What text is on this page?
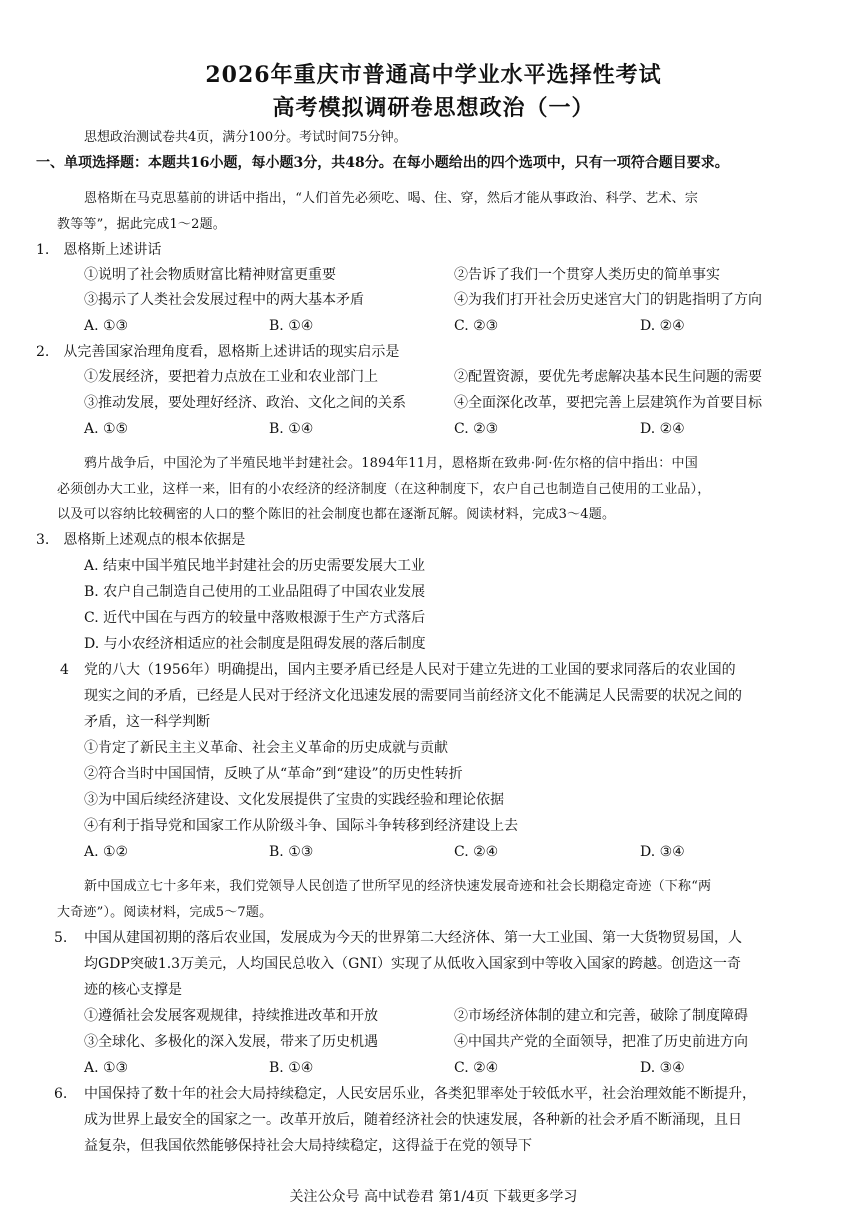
2026年重庆市普通高中学业水平选择性考试
高考模拟调研卷思想政治（一）
思想政治测试卷共4页，满分100分。考试时间75分钟。
一、单项选择题：本题共16小题，每小题3分，共48分。在每小题给出的四个选项中，只有一项符合题目要求。
恩格斯在马克思墓前的讲话中指出，“人们首先必须吃、喝、住、穿，然后才能从事政治、科学、艺术、宗
教等等”，据此完成1～2题。
1.　恩格斯上述讲话
①说明了社会物质财富比精神财富更重要	②告诉了我们一个贯穿人类历史的简单事实
③揭示了人类社会发展过程中的两大基本矛盾	④为我们打开社会历史迷宫大门的钥匙指明了方向
A. ①③	B. ①④	C. ②③	D. ②④
2.　从完善国家治理角度看，恩格斯上述讲话的现实启示是
①发展经济，要把着力点放在工业和农业部门上	②配置资源，要优先考虑解决基本民生问题的需要
③推动发展，要处理好经济、政治、文化之间的关系	④全面深化改革，要把完善上层建筑作为首要目标
A. ①⑤	B. ①④	C. ②③	D. ②④
鸦片战争后，中国沦为了半殖民地半封建社会。1894年11月，恩格斯在致弗·阿·佐尔格的信中指出：中国
必须创办大工业，这样一来，旧有的小农经济的经济制度（在这种制度下，农户自己也制造自己使用的工业品），
以及可以容纳比较稠密的人口的整个陈旧的社会制度也都在逐渐瓦解。阅读材料，完成3～4题。
3.　恩格斯上述观点的根本依据是
A. 结束中国半殖民地半封建社会的历史需要发展大工业
B. 农户自己制造自己使用的工业品阻碍了中国农业发展
C. 近代中国在与西方的较量中落败根源于生产方式落后
D. 与小农经济相适应的社会制度是阻碍发展的落后制度
4 党的八大（1956年）明确提出，国内主要矛盾已经是人民对于建立先进的工业国的要求同落后的农业国的
现实之间的矛盾，已经是人民对于经济文化迅速发展的需要同当前经济文化不能满足人民需要的状况之间的
矛盾，这一科学判断
①肯定了新民主主义革命、社会主义革命的历史成就与贡献
②符合当时中国国情，反映了从“革命”到“建设”的历史性转折
③为中国后续经济建设、文化发展提供了宝贵的实践经验和理论依据
④有利于指导党和国家工作从阶级斗争、国际斗争转移到经济建设上去
A. ①②	B. ①③	C. ②④	D. ③④
新中国成立七十多年来，我们党领导人民创造了世所罕见的经济快速发展奇迹和社会长期稳定奇迹（下称“两
大奇迹”）。阅读材料，完成5～7题。
5. 中国从建国初期的落后农业国，发展成为今天的世界第二大经济体、第一大工业国、第一大货物贸易国，人
均GDP突破1.3万美元，人均国民总收入（GNI）实现了从低收入国家到中等收入国家的跨越。创造这一奇
迹的核心支撑是
①遵循社会发展客观规律，持续推进改革和开放	②市场经济体制的建立和完善，破除了制度障碍
③全球化、多极化的深入发展，带来了历史机遇	④中国共产党的全面领导，把准了历史前进方向
A. ①③	B. ①④	C. ②④	D. ③④
6. 中国保持了数十年的社会大局持续稳定，人民安居乐业，各类犯罪率处于较低水平，社会治理效能不断提升，
成为世界上最安全的国家之一。改革开放后，随着经济社会的快速发展，各种新的社会矛盾不断涌现，且日
益复杂，但我国依然能够保持社会大局持续稳定，这得益于在党的领导下
关注公众号 高中试卷君 第1/4页 下载更多学习
